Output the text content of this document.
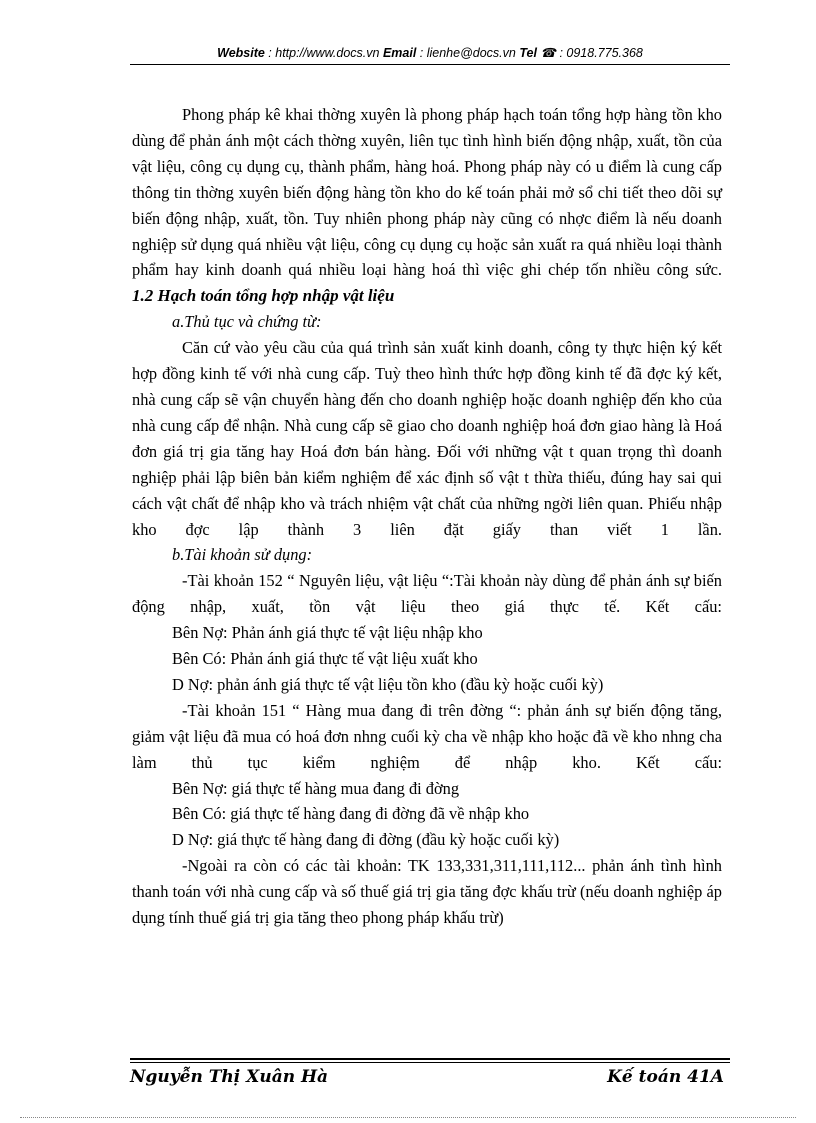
Website : http://www.docs.vn Email : lienhe@docs.vn Tel ☎ : 0918.775.368

Phong pháp kê khai thờng xuyên là phong pháp hạch toán tổng hợp hàng tồn kho dùng để phản ánh một cách thờng xuyên, liên tục tình hình biến động nhập, xuất, tồn của vật liệu, công cụ dụng cụ, thành phẩm, hàng hoá. Phong pháp này có u điểm là cung cấp thông tin thờng xuyên biến động hàng tồn kho do kế toán phải mở sổ chi tiết theo dõi sự biến động nhập, xuất, tồn. Tuy nhiên phong pháp này cũng có nhợc điểm là nếu doanh nghiệp sử dụng quá nhiều vật liệu, công cụ dụng cụ hoặc sản xuất ra quá nhiều loại thành phẩm hay kinh doanh quá nhiều loại hàng hoá thì việc ghi chép tốn nhiều công sức.

1.2 Hạch toán tổng hợp nhập vật liệu

a.Thủ tục và chứng từ:

Căn cứ vào yêu cầu của quá trình sản xuất kinh doanh, công ty thực hiện ký kết hợp đồng kinh tế với nhà cung cấp. Tuỳ theo hình thức hợp đồng kinh tế đã đợc ký kết, nhà cung cấp sẽ vận chuyển hàng đến cho doanh nghiệp hoặc doanh nghiệp đến kho của nhà cung cấp để nhận. Nhà cung cấp sẽ giao cho doanh nghiệp hoá đơn giao hàng là Hoá đơn giá trị gia tăng hay Hoá đơn bán hàng. Đối với những vật t quan trọng thì doanh nghiệp phải lập biên bản kiểm nghiệm để xác định số vật t thừa thiếu, đúng hay sai qui cách vật chất để nhập kho và trách nhiệm vật chất của những ngời liên quan. Phiếu nhập kho đợc lập thành 3 liên đặt giấy than viết 1 lần.

b.Tài khoản sử dụng:

-Tài khoản 152 “ Nguyên liệu, vật liệu “:Tài khoản này dùng để phản ánh sự biến động nhập, xuất, tồn vật liệu theo giá thực tế. Kết cấu:

Bên Nợ: Phản ánh giá thực tế vật liệu nhập kho

Bên Có: Phản ánh giá thực tế vật liệu xuất kho

D Nợ: phản ánh giá thực tế vật liệu tồn kho (đầu kỳ hoặc cuối kỳ)

-Tài khoản 151 “ Hàng mua đang đi trên đờng “: phản ánh sự biến động tăng, giảm vật liệu đã mua có hoá đơn nhng cuối kỳ cha về nhập kho hoặc đã về kho nhng cha làm thủ tục kiểm nghiệm để nhập kho. Kết cấu:

Bên Nợ: giá thực tế hàng mua đang đi đờng

Bên Có: giá thực tế hàng đang đi đờng đã về nhập kho

D Nợ: giá thực tế hàng đang đi đờng (đầu kỳ hoặc cuối kỳ)

-Ngoài ra còn có các tài khoản: TK 133,331,311,111,112... phản ánh tình hình thanh toán với nhà cung cấp và số thuế giá trị gia tăng đợc khấu trừ (nếu doanh nghiệp áp dụng tính thuế giá trị gia tăng theo phong pháp khấu trừ)

Nguyễn Thị Xuân Hà	Kế toán 41A
